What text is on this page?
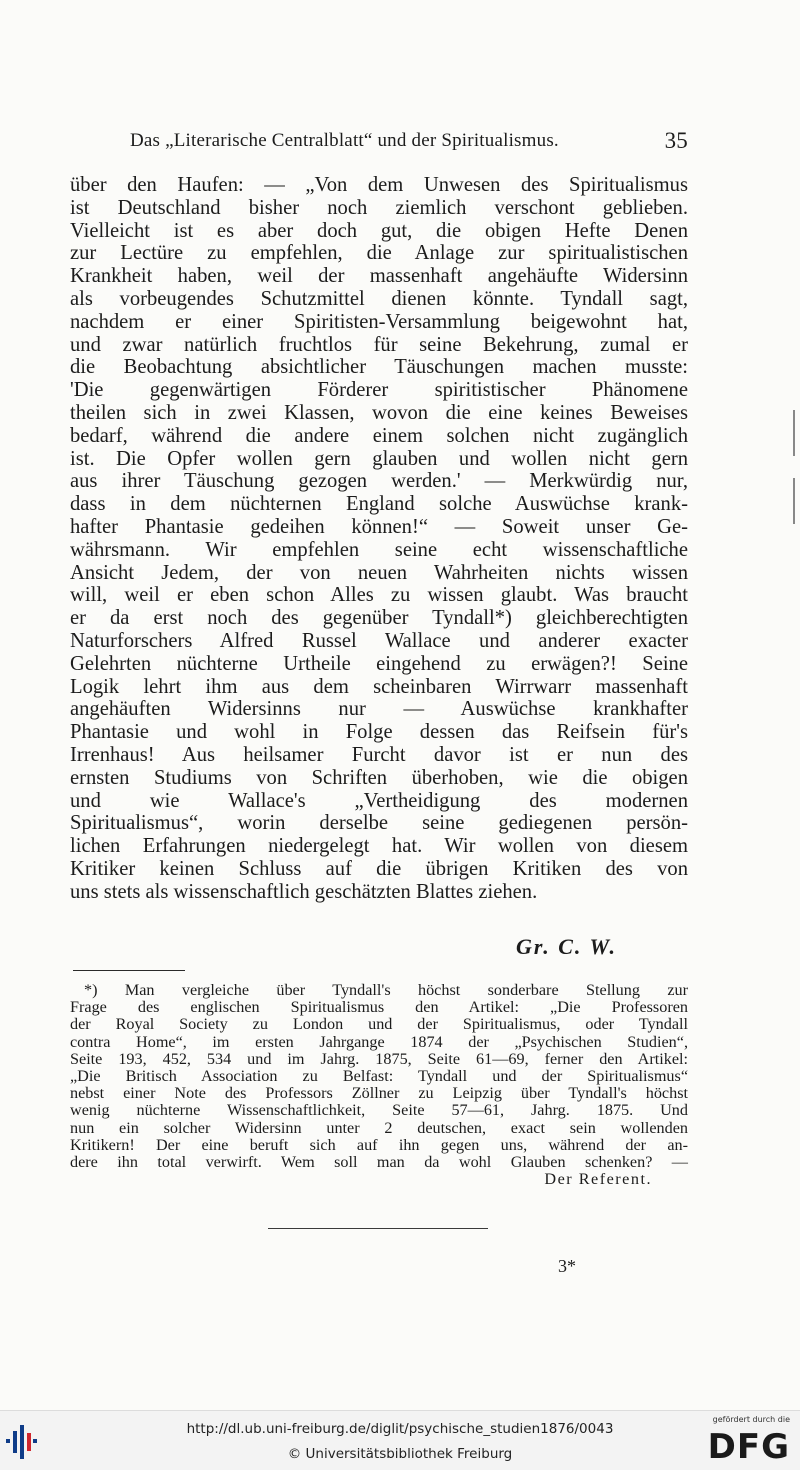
Das „Literarische Centralblatt“ und der Spiritualismus.	35
über den Haufen: — „Von dem Unwesen des Spiritualismus
ist Deutschland bisher noch ziemlich verschont geblieben.
Vielleicht ist es aber doch gut, die obigen Hefte Denen
zur Lectüre zu empfehlen, die Anlage zur spiritualistischen
Krankheit haben, weil der massenhaft angehäufte Widersinn
als vorbeugendes Schutzmittel dienen könnte. Tyndall sagt,
nachdem er einer Spiritisten-Versammlung beigewohnt hat,
und zwar natürlich fruchtlos für seine Bekehrung, zumal er
die Beobachtung absichtlicher Täuschungen machen musste:
'Die gegenwärtigen Förderer spiritistischer Phänomene
theilen sich in zwei Klassen, wovon die eine keines Beweises
bedarf, während die andere einem solchen nicht zugänglich
ist. Die Opfer wollen gern glauben und wollen nicht gern
aus ihrer Täuschung gezogen werden.' — Merkwürdig nur,
dass in dem nüchternen England solche Auswüchse krank-
hafter Phantasie gedeihen können!“ — Soweit unser Ge-
währsmann. Wir empfehlen seine echt wissenschaftliche
Ansicht Jedem, der von neuen Wahrheiten nichts wissen
will, weil er eben schon Alles zu wissen glaubt. Was braucht
er da erst noch des gegenüber Tyndall*) gleichberechtigten
Naturforschers Alfred Russel Wallace und anderer exacter
Gelehrten nüchterne Urtheile eingehend zu erwägen?! Seine
Logik lehrt ihm aus dem scheinbaren Wirrwarr massenhaft
angehäuften Widersinns nur — Auswüchse krankhafter
Phantasie und wohl in Folge dessen das Reifsein für's
Irrenhaus! Aus heilsamer Furcht davor ist er nun des
ernsten Studiums von Schriften überhoben, wie die obigen
und wie Wallace's „Vertheidigung des modernen
Spiritualismus“, worin derselbe seine gediegenen persön-
lichen Erfahrungen niedergelegt hat. Wir wollen von diesem
Kritiker keinen Schluss auf die übrigen Kritiken des von
uns stets als wissenschaftlich geschätzten Blattes ziehen.
Gr. C. W.
*) Man vergleiche über Tyndall's höchst sonderbare Stellung zur
Frage des englischen Spiritualismus den Artikel: „Die Professoren
der Royal Society zu London und der Spiritualismus, oder Tyndall
contra Home“, im ersten Jahrgange 1874 der „Psychischen Studien“,
Seite 193, 452, 534 und im Jahrg. 1875, Seite 61—69, ferner den Artikel:
„Die Britisch Association zu Belfast: Tyndall und der Spiritualismus“
nebst einer Note des Professors Zöllner zu Leipzig über Tyndall's höchst
wenig nüchterne Wissenschaftlichkeit, Seite 57—61, Jahrg. 1875. Und
nun ein solcher Widersinn unter 2 deutschen, exact sein wollenden
Kritikern! Der eine beruft sich auf ihn gegen uns, während der an-
dere ihn total verwirft. Wem soll man da wohl Glauben schenken? —
Der Referent.
3*
http://dl.ub.uni-freiburg.de/diglit/psychische_studien1876/0043
© Universitätsbibliothek Freiburg
gefördert durch die
DFG
